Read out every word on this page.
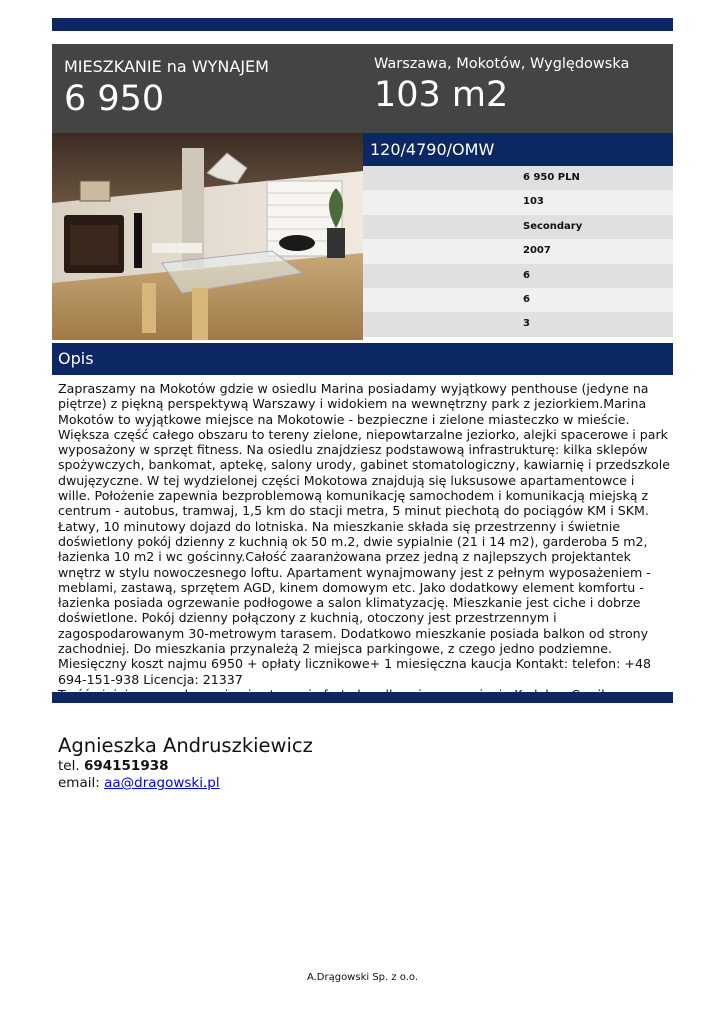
MIESZKANIE na WYNAJEM
6 950
Warszawa, Mokotów, Wyględowska
103 m2
120/4790/OMW
6 950 PLN
103
Secondary
2007
6
6
3
Opis

Zapraszamy na Mokotów gdzie w osiedlu Marina posiadamy wyjątkowy penthouse (jedyne na piętrze) z piękną perspektywą Warszawy i widokiem na wewnętrzny park z jeziorkiem.Marina Mokotów to wyjątkowe miejsce na Mokotowie - bezpieczne i zielone miasteczko w mieście. Większa część całego obszaru to tereny zielone, niepowtarzalne jeziorko, alejki spacerowe i park wyposażony w sprzęt fitness. Na osiedlu znajdziesz podstawową infrastrukturę: kilka sklepów spożywczych, bankomat, aptekę, salony urody, gabinet stomatologiczny, kawiarnię i przedszkole dwujęzyczne. W tej wydzielonej części Mokotowa znajdują się luksusowe apartamentowce i wille. Położenie zapewnia bezproblemową komunikację samochodem i komunikacją miejską z centrum - autobus, tramwaj, 1,5 km do stacji metra, 5 minut piechotą do pociągów KM i SKM. Łatwy, 10 minutowy dojazd do lotniska. Na mieszkanie składa się przestrzenny i świetnie doświetlony pokój dzienny z kuchnią ok 50 m.2, dwie sypialnie (21 i 14 m2), garderoba 5 m2, łazienka 10 m2 i wc gościnny.Całość zaaranżowana przez jedną z najlepszych projektantek wnętrz w stylu nowoczesnego loftu. Apartament wynajmowany jest z pełnym wyposażeniem - meblami, zastawą, sprzętem AGD, kinem domowym etc. Jako dodatkowy element komfortu - łazienka posiada ogrzewanie podłogowe a salon klimatyzację. Mieszkanie jest ciche i dobrze doświetlone. Pokój dzienny połączony z kuchnią, otoczony jest przestrzennym i zagospodarowanym 30-metrowym tarasem. Dodatkowo mieszkanie posiada balkon od strony zachodniej. Do mieszkania przynależą 2 miejsca parkingowe, z czego jedno podziemne. Miesięczny koszt najmu 6950 + opłaty licznikowe+ 1 miesięczna kaucja Kontakt: telefon: +48 694-151-938 Licencja: 21337

Agnieszka Andruszkiewicz
tel. 694151938
email: aa@dragowski.pl
A.Drągowski Sp. z o.o.
